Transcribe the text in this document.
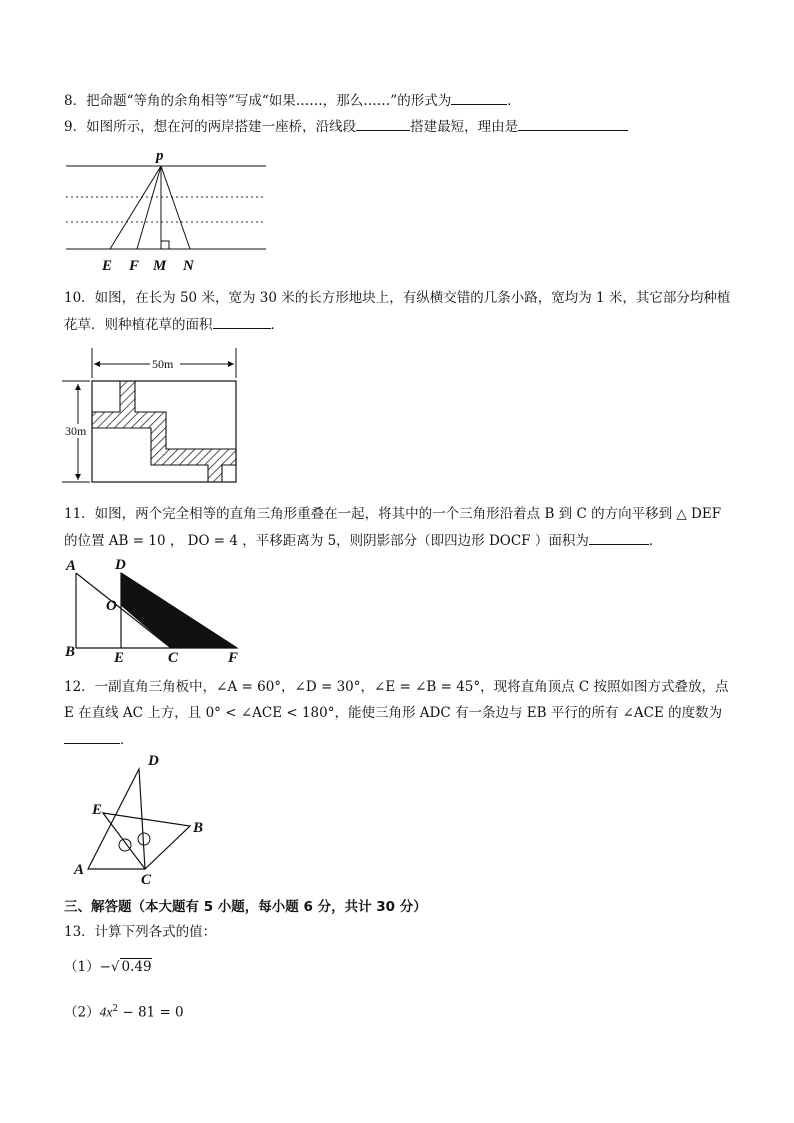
8．把命题“等角的余角相等”写成“如果……，那么……”的形式为	．
9．如图所示，想在河的两岸搭建一座桥，沿线段	搭建最短，理由是
p
E F M N
10．如图，在长为 50 米，宽为 30 米的长方形地块上，有纵横交错的几条小路，宽均为 1 米，其它部分均种植
花草．则种植花草的面积	．
50m
30m
11．如图，两个完全相等的直角三角形重叠在一起，将其中的一个三角形沿着点 B 到 C 的方向平移到 △ DEF
的位置 AB = 10 ， DO = 4 ，平移距离为 5，则阴影部分（即四边形 DOCF ）面积为	．
A	D
O
B	E	C	F
12．一副直角三角板中，∠A = 60°，∠D = 30°，∠E = ∠B = 45°，现将直角顶点 C 按照如图方式叠放，点
E 在直线 AC 上方，且 0° < ∠ACE < 180°，能使三角形 ADC 有一条边与 EB 平行的所有 ∠ACE 的度数为
．
D
E
B
A
C
三、解答题（本大题有 5 小题，每小题 6 分，共计 30 分）
13．计算下列各式的值：
（1）−√ 0.49
$(2)4x^2 - 81 = 0$
